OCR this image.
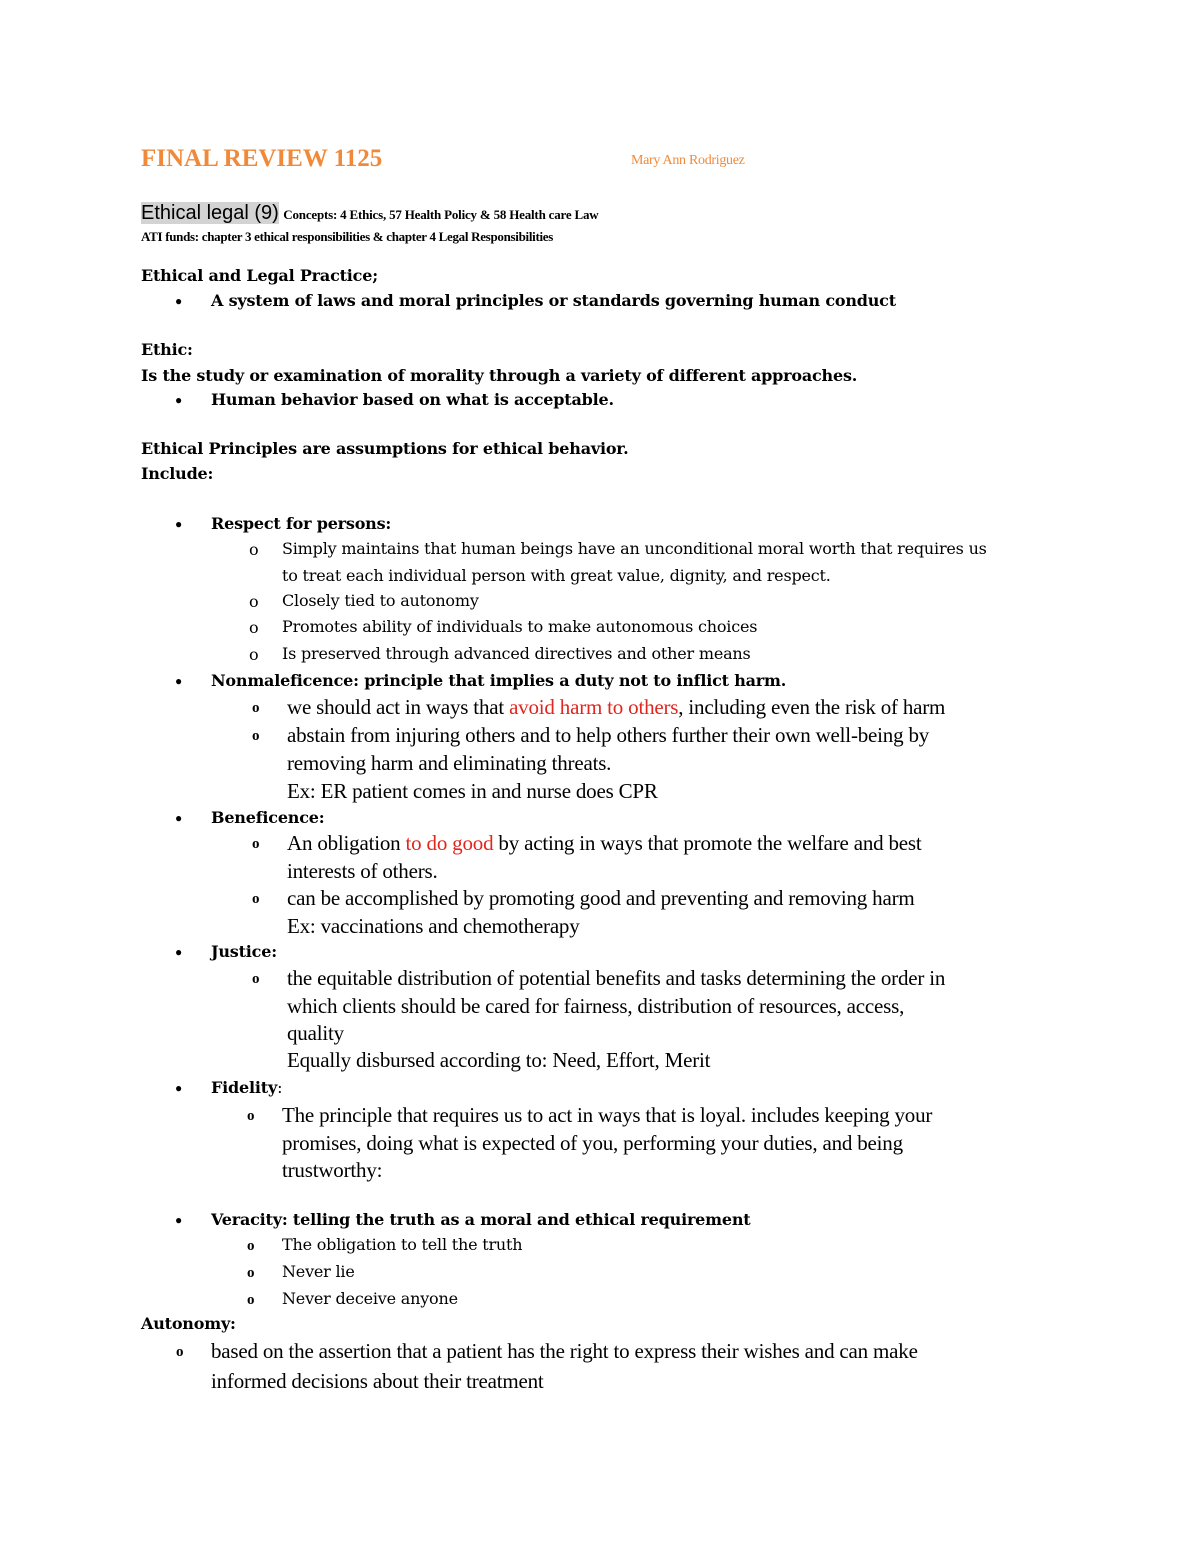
FINAL REVIEW 1125	Mary Ann Rodriguez
Ethical legal (9) Concepts: 4 Ethics, 57 Health Policy & 58 Health care Law
ATI funds: chapter 3 ethical responsibilities & chapter 4 Legal Responsibilities
Ethical and Legal Practice;
● A system of laws and moral principles or standards governing human conduct
Ethic:
Is the study or examination of morality through a variety of different approaches.
● Human behavior based on what is acceptable.
Ethical Principles are assumptions for ethical behavior.
Include:
● Respect for persons:
o Simply maintains that human beings have an unconditional moral worth that requires us
to treat each individual person with great value, dignity, and respect.
o Closely tied to autonomy
o Promotes ability of individuals to make autonomous choices
o Is preserved through advanced directives and other means
● Nonmaleficence: principle that implies a duty not to inflict harm.
o we should act in ways that avoid harm to others, including even the risk of harm
o abstain from injuring others and to help others further their own well-being by
removing harm and eliminating threats.
Ex: ER patient comes in and nurse does CPR
● Beneficence:
o An obligation to do good by acting in ways that promote the welfare and best
interests of others.
o can be accomplished by promoting good and preventing and removing harm
Ex: vaccinations and chemotherapy
● Justice:
o the equitable distribution of potential benefits and tasks determining the order in
which clients should be cared for fairness, distribution of resources, access,
quality
Equally disbursed according to: Need, Effort, Merit
● Fidelity:
o The principle that requires us to act in ways that is loyal. includes keeping your
promises, doing what is expected of you, performing your duties, and being
trustworthy:
● Veracity: telling the truth as a moral and ethical requirement
o The obligation to tell the truth
o Never lie
o Never deceive anyone
Autonomy:
o based on the assertion that a patient has the right to express their wishes and can make
informed decisions about their treatment
